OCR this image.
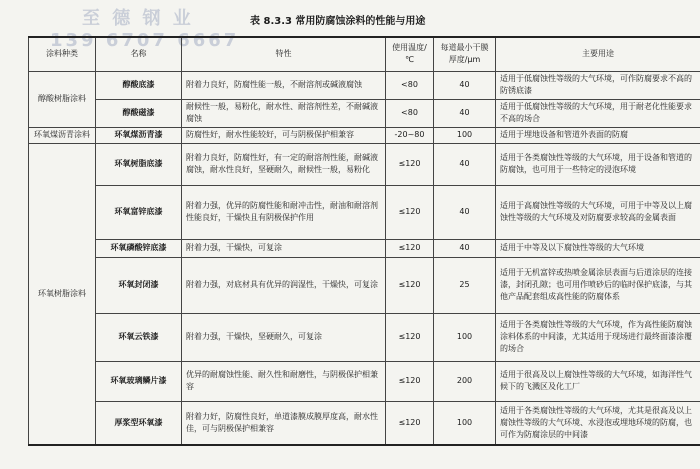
至 德 钢 业
139 6707 6667
表 8.3.3 常用防腐蚀涂料的性能与用途
涂料种类	名称	特性	使用温度/℃	每道最小干膜厚度/μm	主要用途
醇酸树脂涂料	醇酸底漆	附着力良好，防腐性能一般，不耐溶剂或碱液腐蚀	<80	40	适用于低腐蚀性等级的大气环境，可作防腐要求不高的防锈底漆
	醇酸磁漆	耐候性一般，易粉化，耐水性、耐溶剂性差，不耐碱液腐蚀	<80	40	适用于低腐蚀性等级的大气环境，用于耐老化性能要求不高的场合
环氧煤沥青涂料	环氧煤沥青漆	防腐性好，耐水性能较好，可与阴极保护相兼容	-20~80	100	适用于埋地设备和管道外表面的防腐
环氧树脂涂料	环氧树脂底漆	附着力良好，防腐性好，有一定的耐溶剂性能，耐碱液腐蚀，耐水性良好，坚硬耐久，耐候性一般，易粉化	≤120	40	适用于各类腐蚀性等级的大气环境，用于设备和管道的防腐蚀，也可用于一些特定的浸泡环境
	环氧富锌底漆	附着力强，优异的防腐性能和耐冲击性，耐油和耐溶剂性能良好，干燥快且有阴极保护作用	≤120	40	适用于高腐蚀性等级的大气环境，可用于中等及以上腐蚀性等级的大气环境及对防腐要求较高的金属表面
	环氧磷酸锌底漆	附着力强，干燥快，可复涂	≤120	40	适用于中等及以下腐蚀性等级的大气环境
	环氧封闭漆	附着力强，对底材具有优异的润湿性，干燥快，可复涂	≤120	25	适用于无机富锌或热喷金属涂层表面与后道涂层的连接漆，封闭孔隙；也可用作喷砂后的临时保护底漆，与其他产品配套组成高性能的防腐体系
	环氧云铁漆	附着力强，干燥快，坚硬耐久，可复涂	≤120	100	适用于各类腐蚀性等级的大气环境，作为高性能防腐蚀涂料体系的中间漆，尤其适用于现场进行最终面漆涂覆的场合
	环氧玻璃鳞片漆	优异的耐腐蚀性能、耐久性和耐磨性，与阴极保护相兼容	≤120	200	适用于很高及以上腐蚀性等级的大气环境，如海洋性气候下的飞溅区及化工厂
	厚浆型环氧漆	附着力好，防腐性良好，单道漆膜成膜厚度高，耐水性佳，可与阴极保护相兼容	≤120	100	适用于各类腐蚀性等级的大气环境，尤其是很高及以上腐蚀性等级的大气环境、水浸泡或埋地环境的防腐，也可作为防腐涂层的中间漆
